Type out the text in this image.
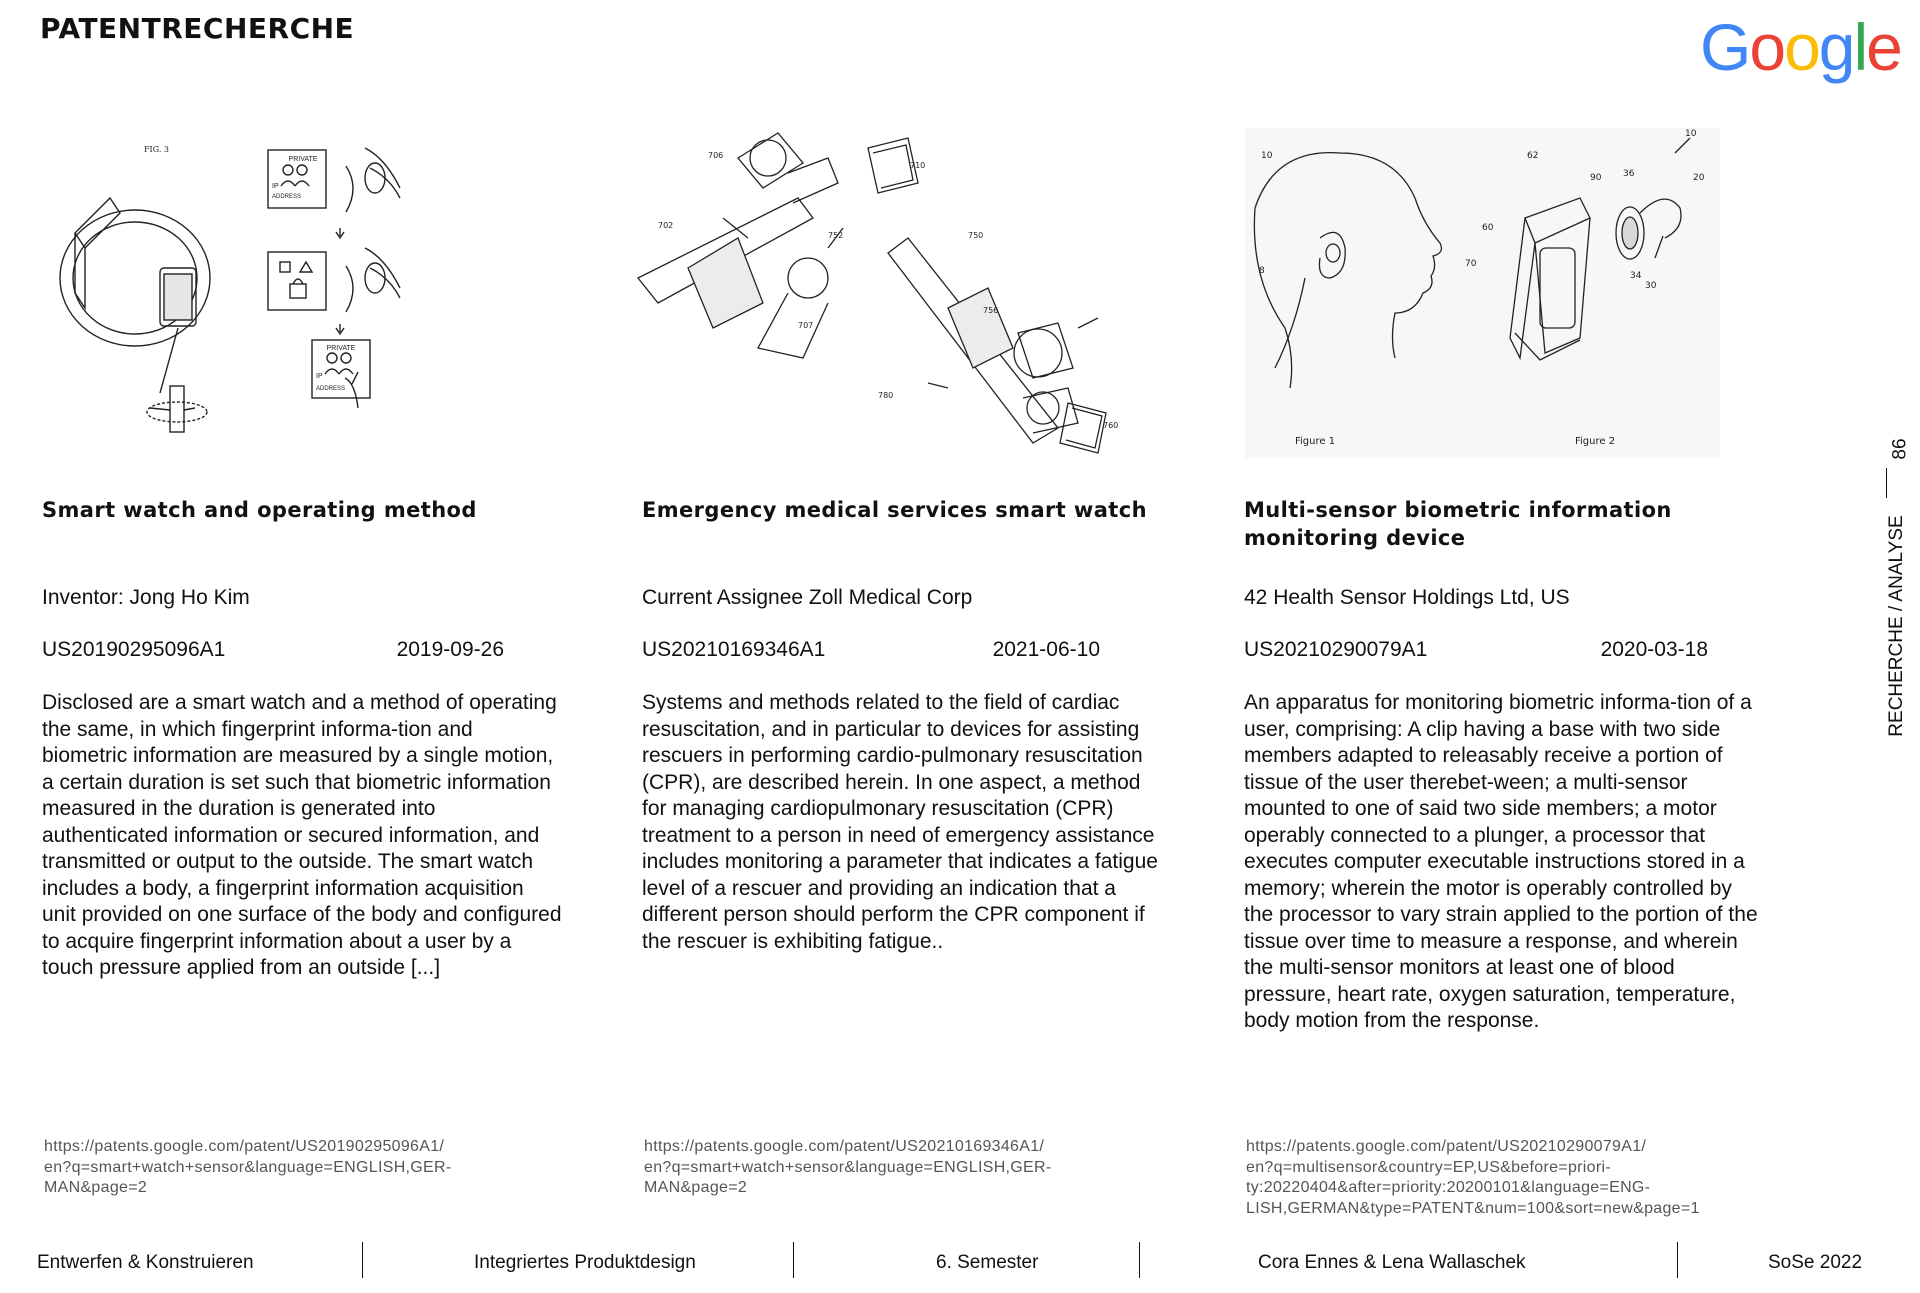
PATENTRECHERCHE	Google
FIG. 3
PRIVATE
IP
ADDRESS
PRIVATE
IP
ADDRESS
Smart watch and operating method
Inventor: Jong Ho Kim
US20190295096A1	2019-09-26

Disclosed are a smart watch and a method of operating the same, in which fingerprint informa-tion and biometric information are measured by a single motion, a certain duration is set such that biometric information measured in the duration is generated into authenticated information or secured information, and transmitted or output to the outside. The smart watch includes a body, a fingerprint information acquisition unit provided on one surface of the body and configured to acquire fingerprint information about a user by a touch pressure applied from an outside [...]

https://patents.google.com/patent/US20190295096A1/
en?q=smart+watch+sensor&language=ENGLISH,GER-
MAN&page=2
706
710
702
752
707
750
756
780
760
Emergency medical services smart watch
Current Assignee Zoll Medical Corp
US20210169346A1	2021-06-10

Systems and methods related to the field of cardiac resuscitation, and in particular to devices for assisting rescuers in performing cardio-pulmonary resuscitation (CPR), are described herein. In one aspect, a method for managing cardiopulmonary resuscitation (CPR) treatment to a person in need of emergency assistance includes monitoring a parameter that indicates a fatigue level of a rescuer and providing an indication that a different person should perform the CPR component if the rescuer is exhibiting fatigue..

https://patents.google.com/patent/US20210169346A1/
en?q=smart+watch+sensor&language=ENGLISH,GER-
MAN&page=2
10
10
8
62
90 36	20
60
70
34
30
Figure 1	Figure 2
Multi-sensor biometric information monitoring device
42 Health Sensor Holdings Ltd, US
US20210290079A1	2020-03-18

An apparatus for monitoring biometric informa-tion of a user, comprising: A clip having a base with two side members adapted to releasably receive a portion of tissue of the user therebet-ween; a multi-sensor mounted to one of said two side members; a motor operably connected to a plunger, a processor that executes computer executable instructions stored in a memory; wherein the motor is operably controlled by the processor to vary strain applied to the portion of the tissue over time to measure a response, and wherein the multi-sensor monitors at least one of blood pressure, heart rate, oxygen saturation, temperature, body motion from the response.

https://patents.google.com/patent/US20210290079A1/
en?q=multisensor&country=EP,US&before=priori-
ty:20220404&after=priority:20200101&language=ENG-
LISH,GERMAN&type=PATENT&num=100&sort=new&page=1
86
RECHERCHE / ANALYSE
Entwerfen & Konstruieren	Integriertes Produktdesign	6. Semester	Cora Ennes & Lena Wallaschek	SoSe 2022
